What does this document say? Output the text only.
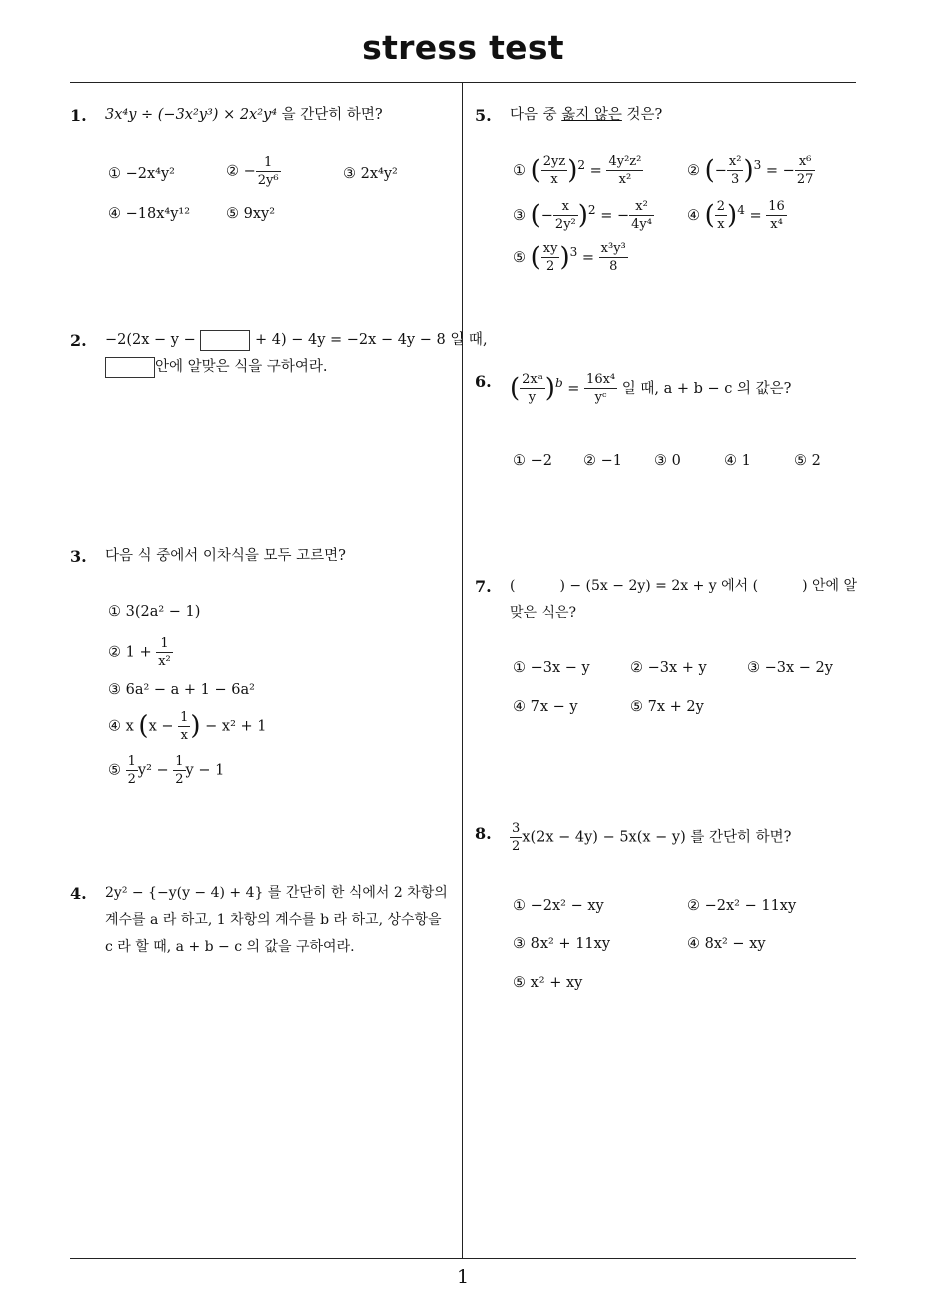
stress test
1
1. 3x⁴y ÷ (−3x²y³) × 2x²y⁴ 을 간단히 하면?
① −2x⁴y²	② − $\frac{1}{\text{2y⁶}}$	③ 2x⁴y²
④ −18x⁴y¹² ⑤ 9xy²
2. −2(2x − y −	+ 4) − 4y = −2x − 4y − 8 일 때,
안에 알맞은 식을 구하여라.
3. 다음 식 중에서 이차식을 모두 고르면?
① 3(2a² − 1)
② $1 + \frac{1}{\text{x²}}$
③ 6a² − a + 1 − 6a²
④ x ($x - \frac{1}{x}$ ) − x² + 1
⑤ $\frac{1}{2} y^2 - \frac{1}{2}$ y − 1
4. 2y² − {−y(y − 4) + 4} 를 간단히 한 식에서 2 차항의
계수를 a 라 하고, 1 차항의 계수를 b 라 하고, 상수항을
c 라 할 때, a + b − c 의 값을 구하여라.
5. 다음 중 옳지 않은 것은?
① ( $\frac{2yz}{x} )^2 = \frac{\text{4y²z²}}{\text{x²}}$	② (− $\frac{\text{x²}}{3} )^3$ = − $\frac{\text{x⁶}}{27}$
③ (− $\frac{x}{\text{2y²}} )^2$ = − $\frac{\text{x²}}{\text{4y⁴}}$ ④ ( $\frac{2}{x} )^4 = \frac{16}{\text{x⁴}}$
⑤ ( $\frac{xy}{2} )^3 = \frac{\text{x³y³}}{8}$
6. ( $\frac{\text{2xᵃ}}{y} )^b = \frac{\text{16x⁴}}{\text{yᶜ}}$ 일 때, a + b − c 의 값은?
① −2 ② −1 ③ 0	④ 1	⑤ 2
7. (	) − (5x − 2y) = 2x + y 에서 (	) 안에 알
맞은 식은?
① −3x − y	② −3x + y	③ −3x − 2y
④ 7x − y	⑤ 7x + 2y
8. $\frac{3}{2} x(2x - 4y) - 5x(x - y)$ 를 간단히 하면?
① −2x² − xy	② −2x² − 11xy
③ 8x² + 11xy	④ 8x² − xy
⑤ x² + xy
